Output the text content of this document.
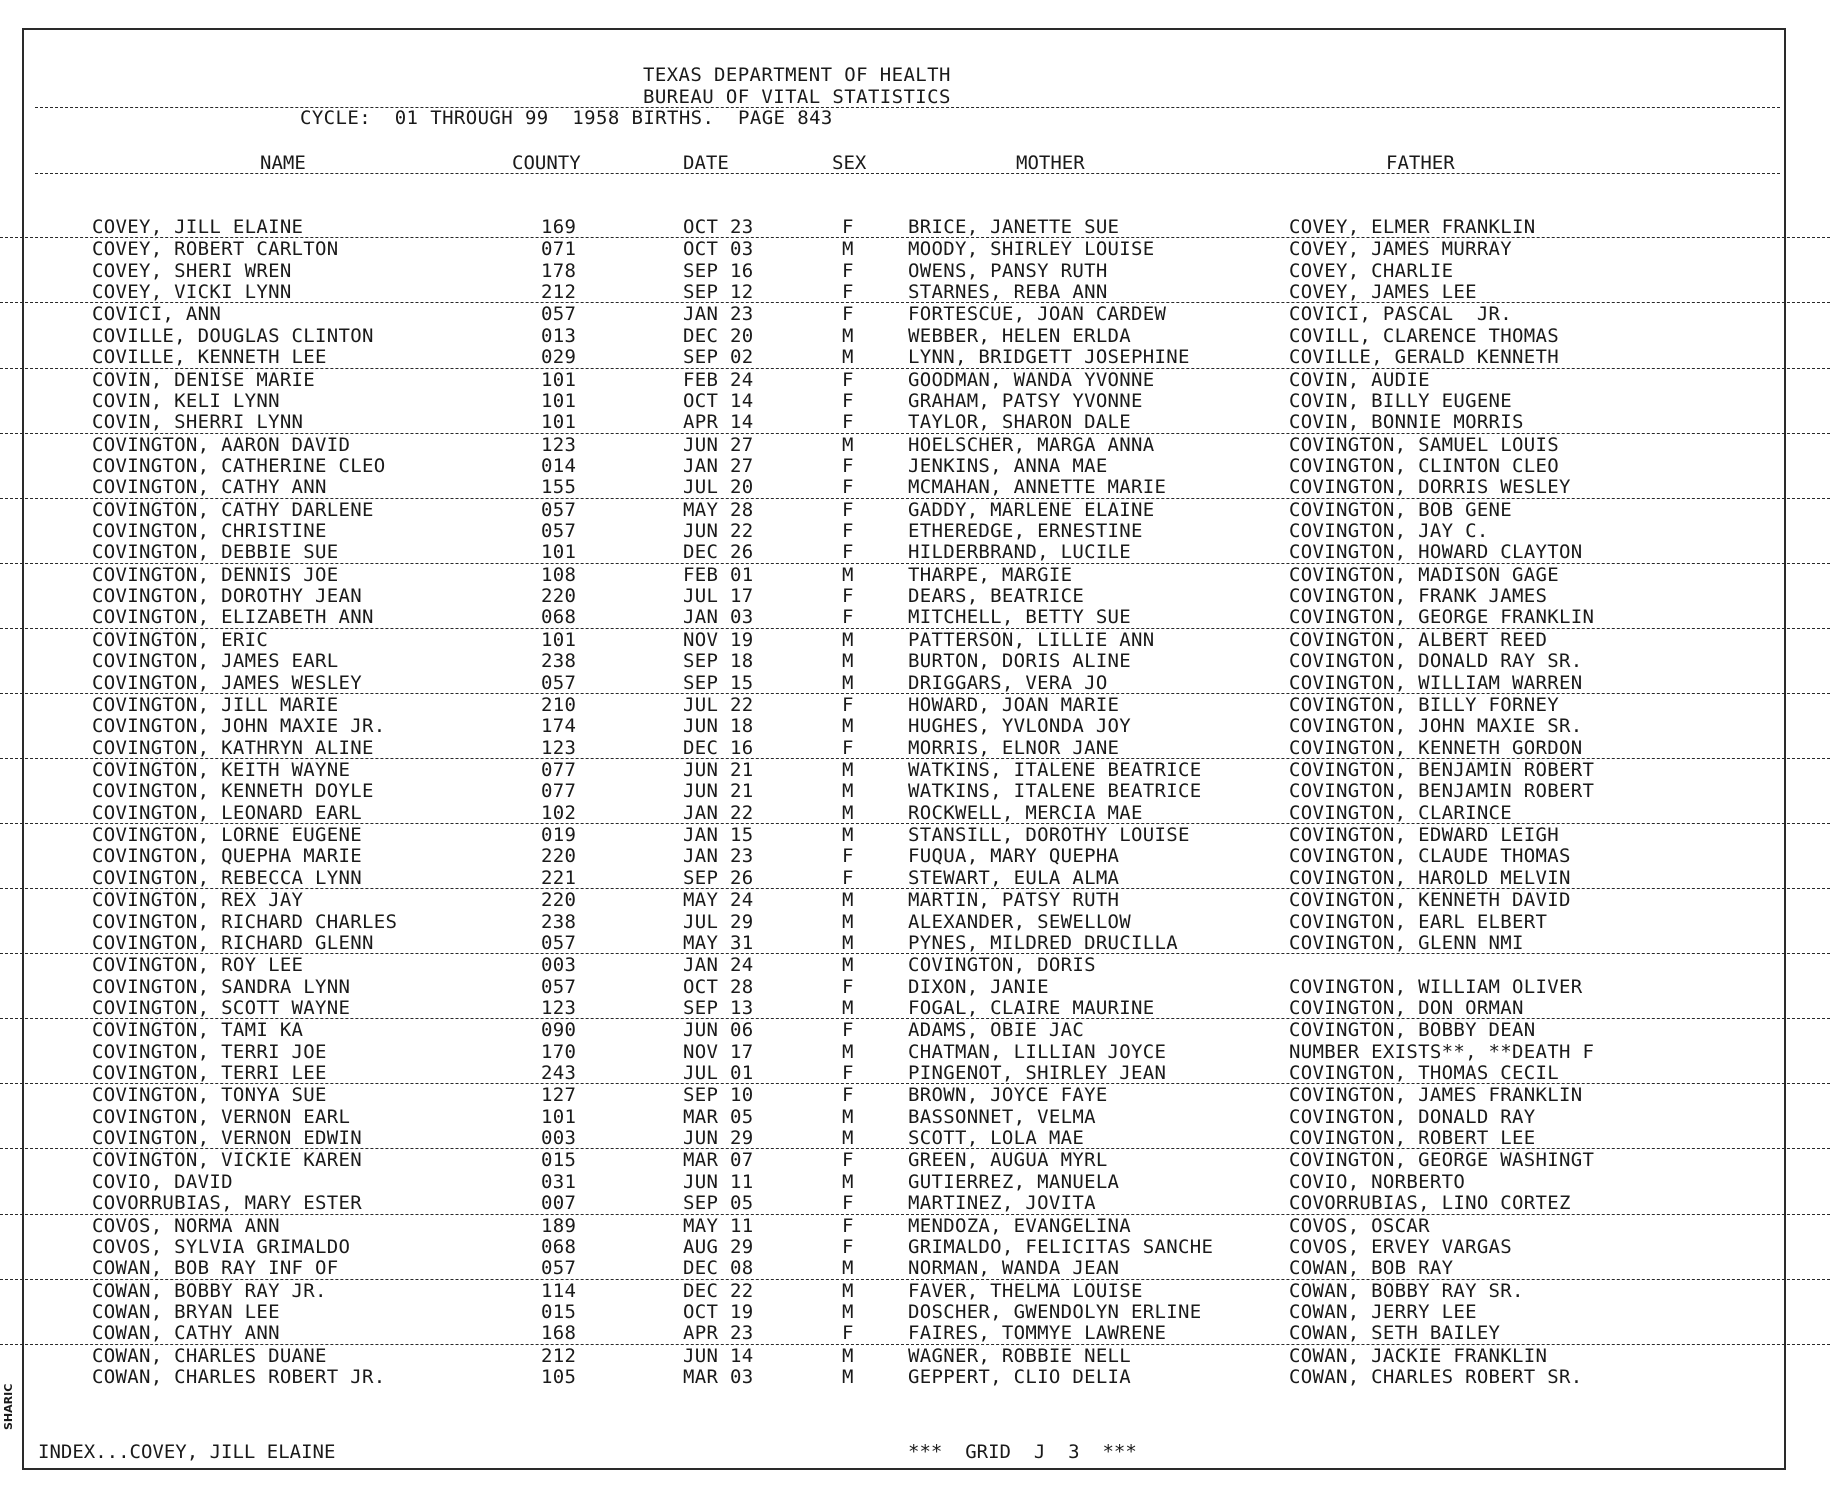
SHARIC
TEXAS DEPARTMENT OF HEALTH
BUREAU OF VITAL STATISTICS
CYCLE:  01 THROUGH 99  1958 BIRTHS.  PAGE 843
NAME	COUNTY	DATE	SEX	MOTHER	FATHER
COVEY, JILL ELAINE	169	OCT 23	F	BRICE, JANETTE SUE	COVEY, ELMER FRANKLIN
COVEY, ROBERT CARLTON	071	OCT 03	M	MOODY, SHIRLEY LOUISE	COVEY, JAMES MURRAY
COVEY, SHERI WREN	178	SEP 16	F	OWENS, PANSY RUTH	COVEY, CHARLIE
COVEY, VICKI LYNN	212	SEP 12	F	STARNES, REBA ANN	COVEY, JAMES LEE
COVICI, ANN	057	JAN 23	F	FORTESCUE, JOAN CARDEW	COVICI, PASCAL  JR.
COVILLE, DOUGLAS CLINTON	013	DEC 20	M	WEBBER, HELEN ERLDA	COVILL, CLARENCE THOMAS
COVILLE, KENNETH LEE	029	SEP 02	M	LYNN, BRIDGETT JOSEPHINE	COVILLE, GERALD KENNETH
COVIN, DENISE MARIE	101	FEB 24	F	GOODMAN, WANDA YVONNE	COVIN, AUDIE
COVIN, KELI LYNN	101	OCT 14	F	GRAHAM, PATSY YVONNE	COVIN, BILLY EUGENE
COVIN, SHERRI LYNN	101	APR 14	F	TAYLOR, SHARON DALE	COVIN, BONNIE MORRIS
COVINGTON, AARON DAVID	123	JUN 27	M	HOELSCHER, MARGA ANNA	COVINGTON, SAMUEL LOUIS
COVINGTON, CATHERINE CLEO	014	JAN 27	F	JENKINS, ANNA MAE	COVINGTON, CLINTON CLEO
COVINGTON, CATHY ANN	155	JUL 20	F	MCMAHAN, ANNETTE MARIE	COVINGTON, DORRIS WESLEY
COVINGTON, CATHY DARLENE	057	MAY 28	F	GADDY, MARLENE ELAINE	COVINGTON, BOB GENE
COVINGTON, CHRISTINE	057	JUN 22	F	ETHEREDGE, ERNESTINE	COVINGTON, JAY C.
COVINGTON, DEBBIE SUE	101	DEC 26	F	HILDERBRAND, LUCILE	COVINGTON, HOWARD CLAYTON
COVINGTON, DENNIS JOE	108	FEB 01	M	THARPE, MARGIE	COVINGTON, MADISON GAGE
COVINGTON, DOROTHY JEAN	220	JUL 17	F	DEARS, BEATRICE	COVINGTON, FRANK JAMES
COVINGTON, ELIZABETH ANN	068	JAN 03	F	MITCHELL, BETTY SUE	COVINGTON, GEORGE FRANKLIN
COVINGTON, ERIC	101	NOV 19	M	PATTERSON, LILLIE ANN	COVINGTON, ALBERT REED
COVINGTON, JAMES EARL	238	SEP 18	M	BURTON, DORIS ALINE	COVINGTON, DONALD RAY SR.
COVINGTON, JAMES WESLEY	057	SEP 15	M	DRIGGARS, VERA JO	COVINGTON, WILLIAM WARREN
COVINGTON, JILL MARIE	210	JUL 22	F	HOWARD, JOAN MARIE	COVINGTON, BILLY FORNEY
COVINGTON, JOHN MAXIE JR.	174	JUN 18	M	HUGHES, YVLONDA JOY	COVINGTON, JOHN MAXIE SR.
COVINGTON, KATHRYN ALINE	123	DEC 16	F	MORRIS, ELNOR JANE	COVINGTON, KENNETH GORDON
COVINGTON, KEITH WAYNE	077	JUN 21	M	WATKINS, ITALENE BEATRICE	COVINGTON, BENJAMIN ROBERT
COVINGTON, KENNETH DOYLE	077	JUN 21	M	WATKINS, ITALENE BEATRICE	COVINGTON, BENJAMIN ROBERT
COVINGTON, LEONARD EARL	102	JAN 22	M	ROCKWELL, MERCIA MAE	COVINGTON, CLARINCE
COVINGTON, LORNE EUGENE	019	JAN 15	M	STANSILL, DOROTHY LOUISE	COVINGTON, EDWARD LEIGH
COVINGTON, QUEPHA MARIE	220	JAN 23	F	FUQUA, MARY QUEPHA	COVINGTON, CLAUDE THOMAS
COVINGTON, REBECCA LYNN	221	SEP 26	F	STEWART, EULA ALMA	COVINGTON, HAROLD MELVIN
COVINGTON, REX JAY	220	MAY 24	M	MARTIN, PATSY RUTH	COVINGTON, KENNETH DAVID
COVINGTON, RICHARD CHARLES	238	JUL 29	M	ALEXANDER, SEWELLOW	COVINGTON, EARL ELBERT
COVINGTON, RICHARD GLENN	057	MAY 31	M	PYNES, MILDRED DRUCILLA	COVINGTON, GLENN NMI
COVINGTON, ROY LEE	003	JAN 24	M	COVINGTON, DORIS
COVINGTON, SANDRA LYNN	057	OCT 28	F	DIXON, JANIE	COVINGTON, WILLIAM OLIVER
COVINGTON, SCOTT WAYNE	123	SEP 13	M	FOGAL, CLAIRE MAURINE	COVINGTON, DON ORMAN
COVINGTON, TAMI KA	090	JUN 06	F	ADAMS, OBIE JAC	COVINGTON, BOBBY DEAN
COVINGTON, TERRI JOE	170	NOV 17	M	CHATMAN, LILLIAN JOYCE	NUMBER EXISTS**, **DEATH F
COVINGTON, TERRI LEE	243	JUL 01	F	PINGENOT, SHIRLEY JEAN	COVINGTON, THOMAS CECIL
COVINGTON, TONYA SUE	127	SEP 10	F	BROWN, JOYCE FAYE	COVINGTON, JAMES FRANKLIN
COVINGTON, VERNON EARL	101	MAR 05	M	BASSONNET, VELMA	COVINGTON, DONALD RAY
COVINGTON, VERNON EDWIN	003	JUN 29	M	SCOTT, LOLA MAE	COVINGTON, ROBERT LEE
COVINGTON, VICKIE KAREN	015	MAR 07	F	GREEN, AUGUA MYRL	COVINGTON, GEORGE WASHINGT
COVIO, DAVID	031	JUN 11	M	GUTIERREZ, MANUELA	COVIO, NORBERTO
COVORRUBIAS, MARY ESTER	007	SEP 05	F	MARTINEZ, JOVITA	COVORRUBIAS, LINO CORTEZ
COVOS, NORMA ANN	189	MAY 11	F	MENDOZA, EVANGELINA	COVOS, OSCAR
COVOS, SYLVIA GRIMALDO	068	AUG 29	F	GRIMALDO, FELICITAS SANCHE	COVOS, ERVEY VARGAS
COWAN, BOB RAY INF OF	057	DEC 08	M	NORMAN, WANDA JEAN	COWAN, BOB RAY
COWAN, BOBBY RAY JR.	114	DEC 22	M	FAVER, THELMA LOUISE	COWAN, BOBBY RAY SR.
COWAN, BRYAN LEE	015	OCT 19	M	DOSCHER, GWENDOLYN ERLINE	COWAN, JERRY LEE
COWAN, CATHY ANN	168	APR 23	F	FAIRES, TOMMYE LAWRENE	COWAN, SETH BAILEY
COWAN, CHARLES DUANE	212	JUN 14	M	WAGNER, ROBBIE NELL	COWAN, JACKIE FRANKLIN
COWAN, CHARLES ROBERT JR.	105	MAR 03	M	GEPPERT, CLIO DELIA	COWAN, CHARLES ROBERT SR.
INDEX...COVEY, JILL ELAINE	***  GRID  J  3  ***
